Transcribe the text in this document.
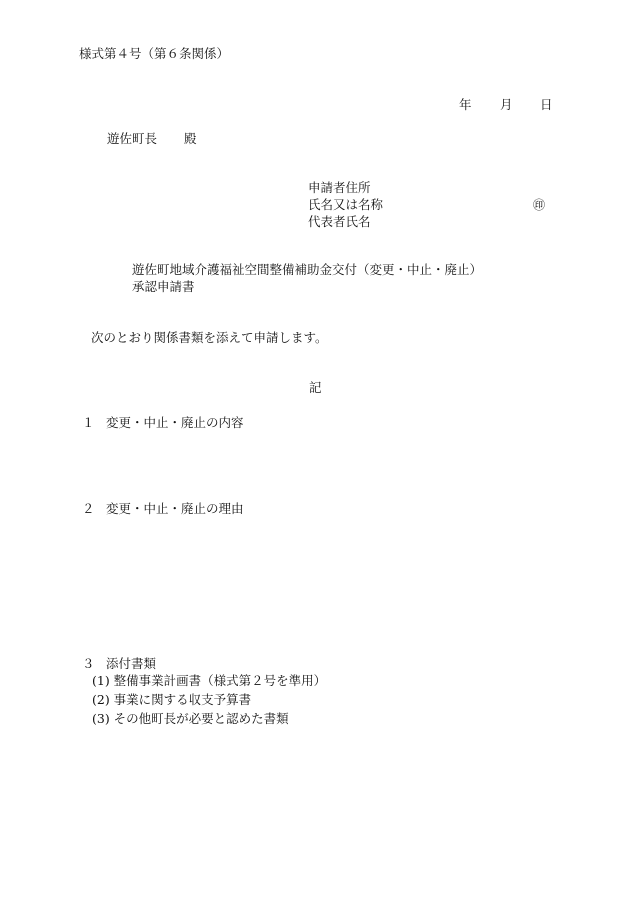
様式第４号（第６条関係）
年 月 日
遊佐町長 殿
申請者住所
氏名又は名称	㊞
代表者氏名
遊佐町地域介護福祉空間整備補助金交付（変更・中止・廃止）
承認申請書
次のとおり関係書類を添えて申請します。
記
１ 変更・中止・廃止の内容
２ 変更・中止・廃止の理由
３ 添付書類
(1) 整備事業計画書（様式第２号を準用）
(2) 事業に関する収支予算書
(3) その他町長が必要と認めた書類
